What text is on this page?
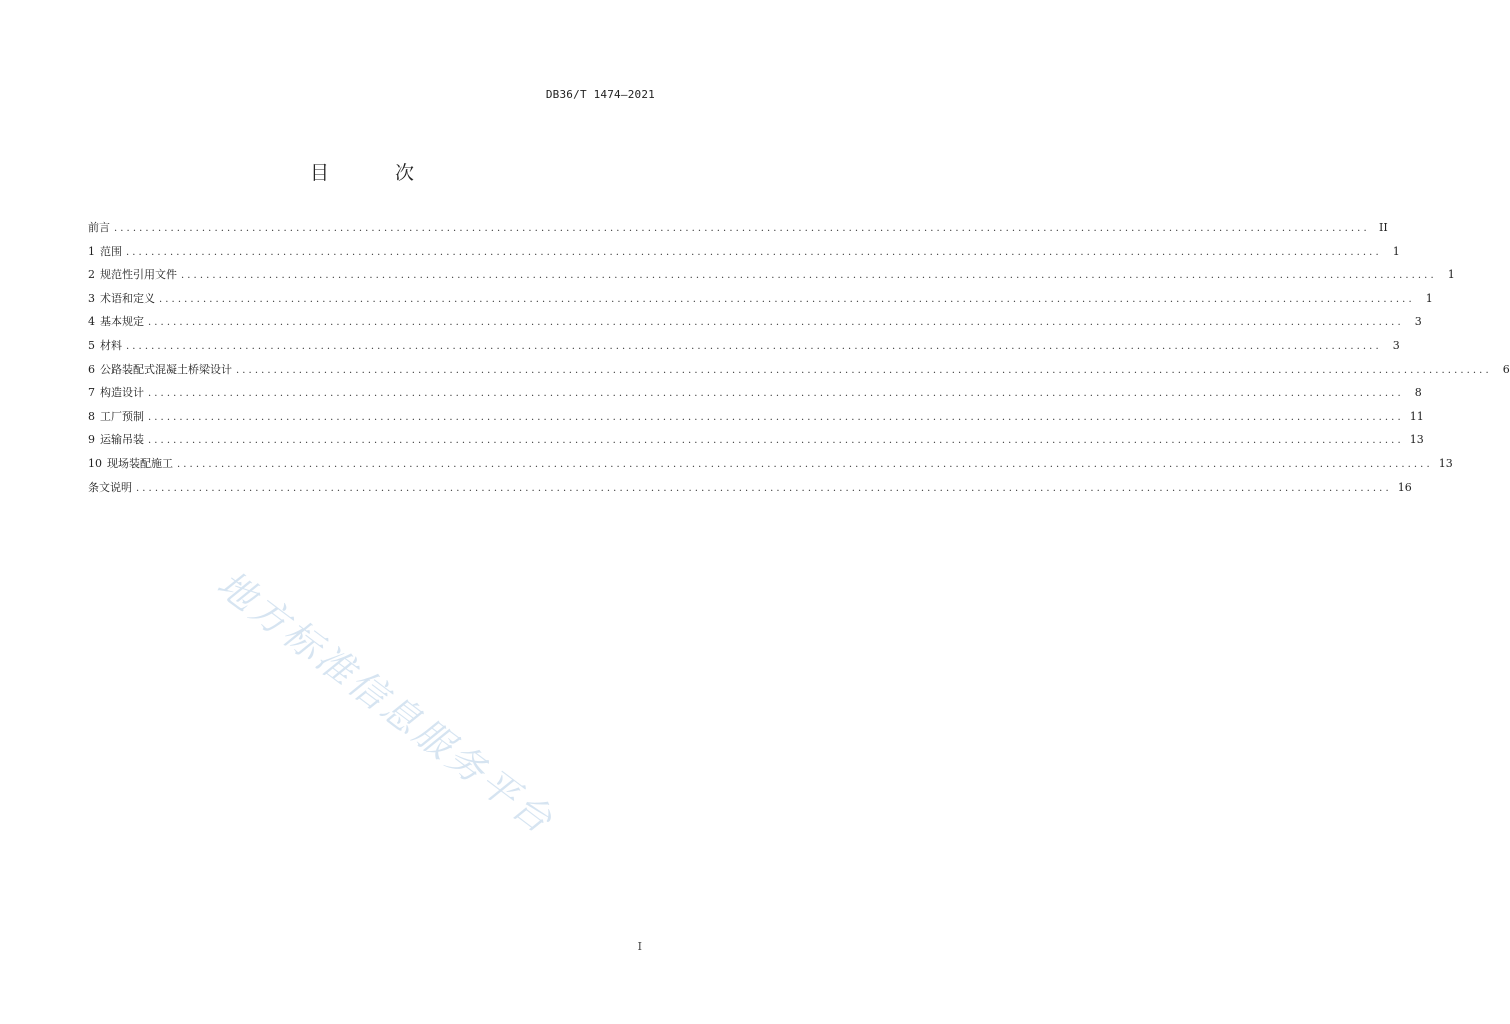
DB36/T 1474—2021
目 次
前言 ........................................................................................................................................................................................................ II
1 范围 ........................................................................................................................................................................................................	1
2 规范性引用文件 ........................................................................................................................................................................................................	1
3 术语和定义 ........................................................................................................................................................................................................	1
4 基本规定 ........................................................................................................................................................................................................	3
5 材料 ........................................................................................................................................................................................................	3
6 公路装配式混凝土桥梁设计 ........................................................................................................................................................................................................	6
7 构造设计 ........................................................................................................................................................................................................	8
8 工厂预制 ........................................................................................................................................................................................................ 11
9 运输吊装 ........................................................................................................................................................................................................ 13
10 现场装配施工 ........................................................................................................................................................................................................ 13
条文说明 ........................................................................................................................................................................................................ 16
地方标准信息服务平台
I
